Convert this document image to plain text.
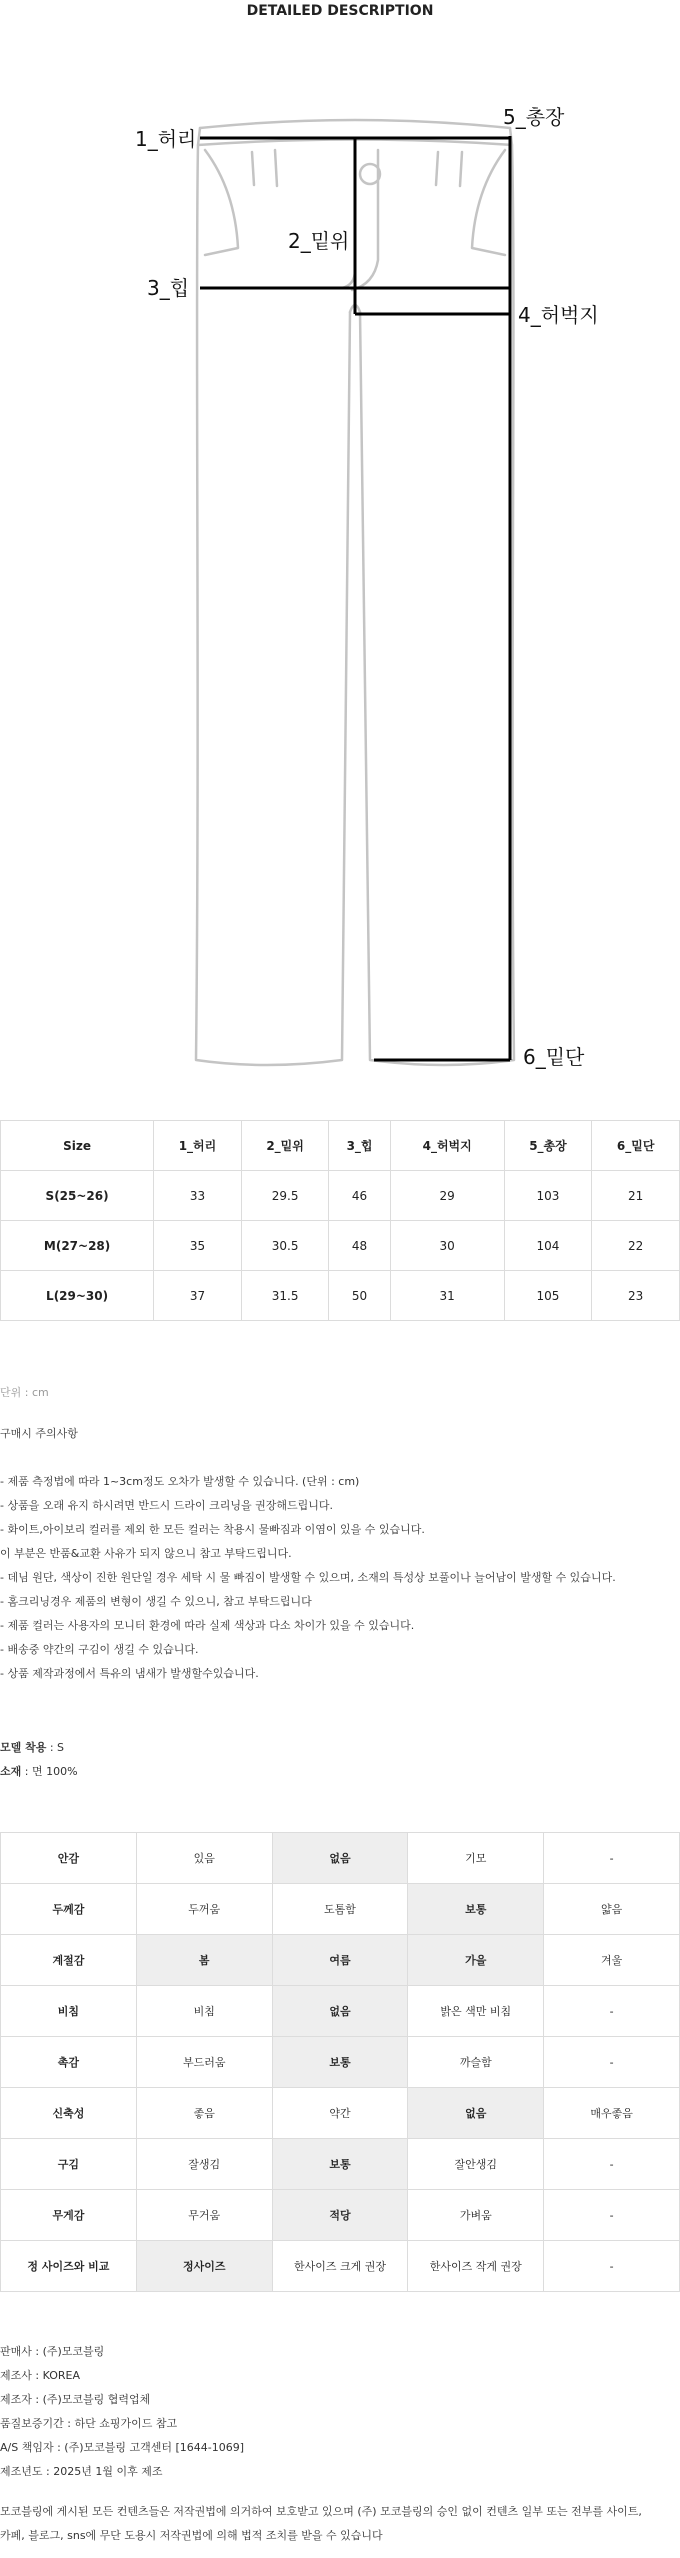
DETAILED DESCRIPTION
1_허리
2_밑위
3_힙
4_허벅지
5_총장
6_밑단
Size	1_허리	2_밑위	3_힙	4_허벅지	5_총장	6_밑단
S(25~26)	33	29.5	46	29	103	21
M(27~28)	35	30.5	48	30	104	22
L(29~30)	37	31.5	50	31	105	23
단위 : cm
구매시 주의사항
- 제품 측정법에 따라 1~3cm정도 오차가 발생할 수 있습니다. (단위 : cm)
- 상품을 오래 유지 하시려면 반드시 드라이 크리닝을 권장해드립니다.
- 화이트,아이보리 컬러를 제외 한 모든 컬러는 착용시 물빠짐과 이염이 있을 수 있습니다.
이 부분은 반품&교환 사유가 되지 않으니 참고 부탁드립니다.
- 데님 원단, 색상이 진한 원단일 경우 세탁 시 물 빠짐이 발생할 수 있으며, 소재의 특성상 보풀이나 늘어남이 발생할 수 있습니다.
- 홈크리닝경우 제품의 변형이 생길 수 있으니, 참고 부탁드립니다
- 제품 컬러는 사용자의 모니터 환경에 따라 실제 색상과 다소 차이가 있을 수 있습니다.
- 배송중 약간의 구김이 생길 수 있습니다.
- 상품 제작과정에서 특유의 냄새가 발생할수있습니다.
모델 착용 : S
소재 : 면 100%
안감	있음	없음	기모	-
두께감	두꺼움	도톰함	보통	얇음
계절감	봄	여름	가을	겨울
비침	비침	없음	밝은 색만 비침	-
촉감	부드러움	보통	까슬함	-
신축성	좋음	약간	없음	매우좋음
구김	잘생김	보통	잘안생김	-
무게감	무거움	적당	가벼움	-
정 사이즈와 비교	정사이즈	한사이즈 크게 권장	한사이즈 작게 권장	-
판매사 : (주)모코블링
제조사 : KOREA
제조자 : (주)모코블링 협력업체
품질보증기간 : 하단 쇼핑가이드 참고
A/S 책임자 : (주)모코블링 고객센터 [1644-1069]
제조년도 : 2025년 1월 이후 제조
모코블링에 게시된 모든 컨텐츠들은 저작권법에 의거하여 보호받고 있으며 (주) 모코블링의 승인 없이 컨텐츠 일부 또는 전부를 사이트,
카페, 블로그, sns에 무단 도용시 저작권법에 의해 법적 조치를 받을 수 있습니다
